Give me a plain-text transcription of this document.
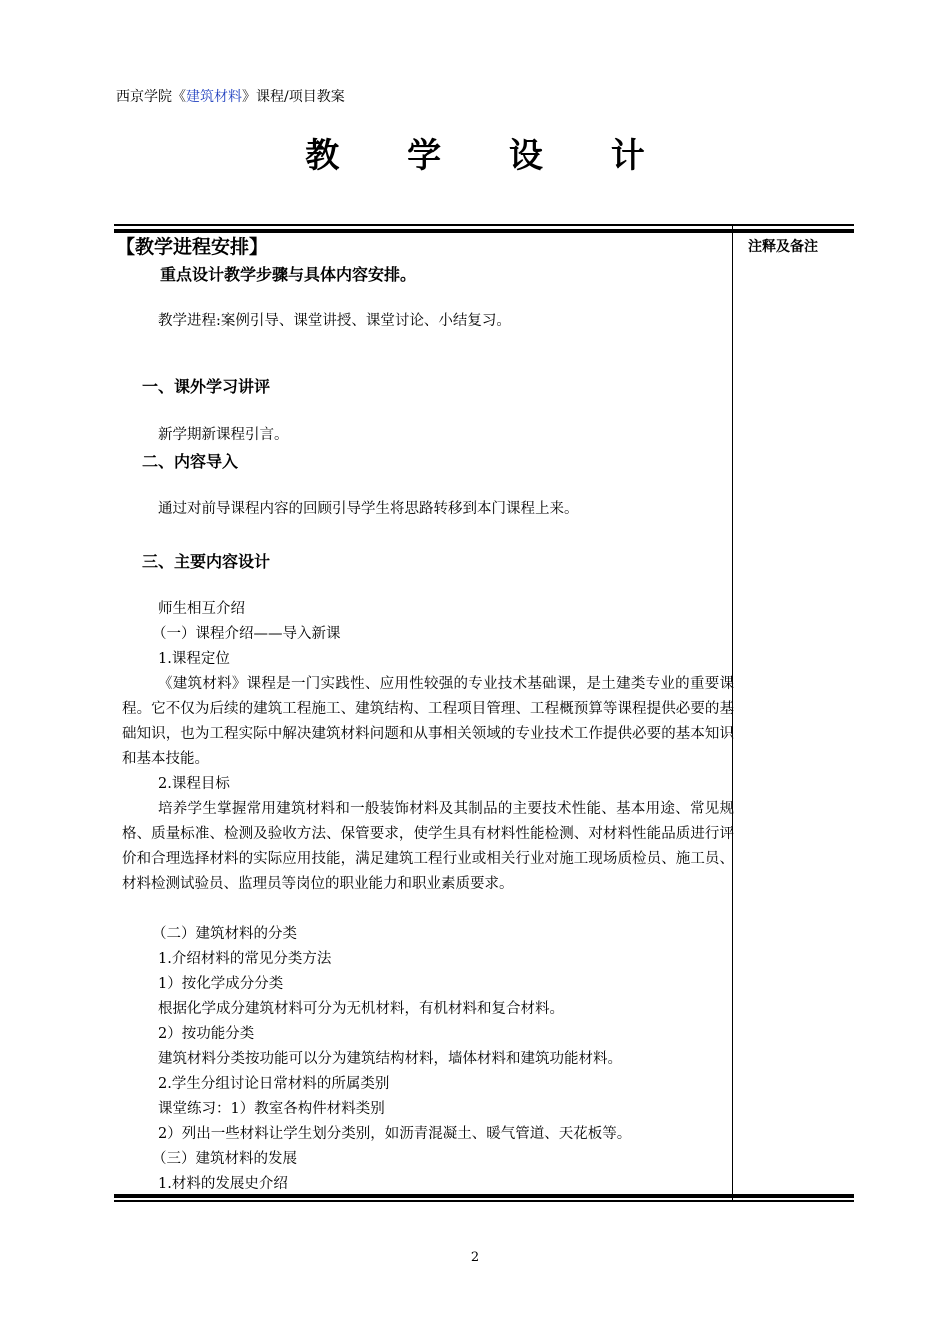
西京学院《建筑材料》课程/项目教案
教 学 设 计
【教学进程安排】	注释及备注
重点设计教学步骤与具体内容安排。
教学进程:案例引导、课堂讲授、课堂讨论、小结复习。
一、课外学习讲评
新学期新课程引言。
二、内容导入
通过对前导课程内容的回顾引导学生将思路转移到本门课程上来。
三、主要内容设计
师生相互介绍
（一）课程介绍——导入新课
1.课程定位
《建筑材料》课程是一门实践性、应用性较强的专业技术基础课，是土建类专业的重要课程。它不仅为后续的建筑工程施工、建筑结构、工程项目管理、工程概预算等课程提供必要的基础知识，也为工程实际中解决建筑材料问题和从事相关领域的专业技术工作提供必要的基本知识和基本技能。
2.课程目标
培养学生掌握常用建筑材料和一般装饰材料及其制品的主要技术性能、基本用途、常见规格、质量标准、检测及验收方法、保管要求，使学生具有材料性能检测、对材料性能品质进行评价和合理选择材料的实际应用技能，满足建筑工程行业或相关行业对施工现场质检员、施工员、材料检测试验员、监理员等岗位的职业能力和职业素质要求。
（二）建筑材料的分类
1.介绍材料的常见分类方法
1）按化学成分分类
根据化学成分建筑材料可分为无机材料，有机材料和复合材料。
2）按功能分类
建筑材料分类按功能可以分为建筑结构材料，墙体材料和建筑功能材料。
2.学生分组讨论日常材料的所属类别
课堂练习：1）教室各构件材料类别
2）列出一些材料让学生划分类别，如沥青混凝土、暖气管道、天花板等。
（三）建筑材料的发展
1.材料的发展史介绍
2
